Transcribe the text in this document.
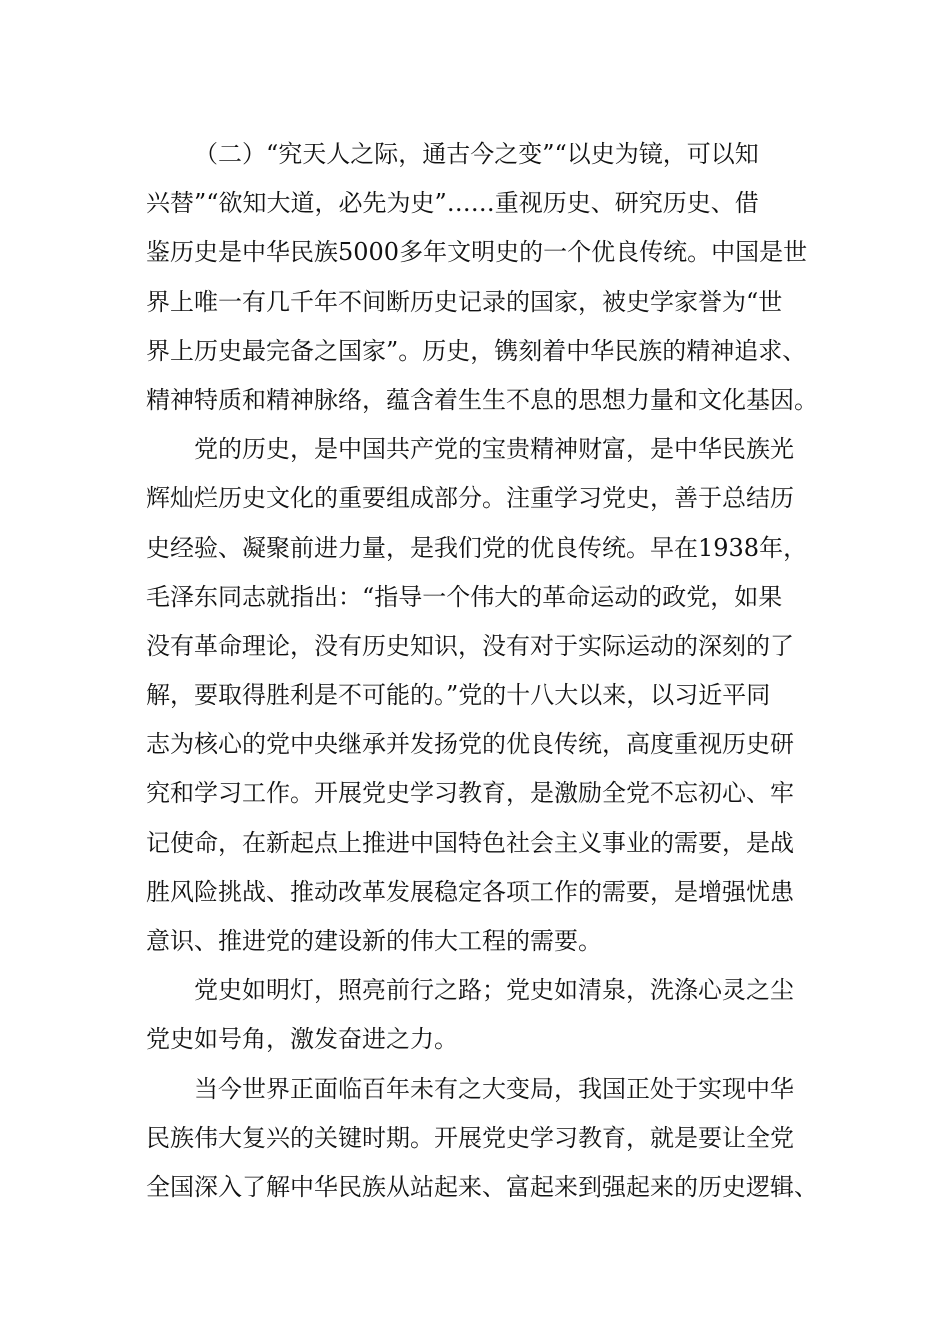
（二）“究天人之际，通古今之变”“以史为镜，可以知
兴替”“欲知大道，必先为史”……重视历史、研究历史、借
鉴历史是中华民族5000多年文明史的一个优良传统。中国是世
界上唯一有几千年不间断历史记录的国家，被史学家誉为“世
界上历史最完备之国家”。历史，镌刻着中华民族的精神追求、
精神特质和精神脉络，蕴含着生生不息的思想力量和文化基因。
党的历史，是中国共产党的宝贵精神财富，是中华民族光
辉灿烂历史文化的重要组成部分。注重学习党史，善于总结历
史经验、凝聚前进力量，是我们党的优良传统。早在1938年，
毛泽东同志就指出：“指导一个伟大的革命运动的政党，如果
没有革命理论，没有历史知识，没有对于实际运动的深刻的了
解，要取得胜利是不可能的。”党的十八大以来，以习近平同
志为核心的党中央继承并发扬党的优良传统，高度重视历史研
究和学习工作。开展党史学习教育，是激励全党不忘初心、牢
记使命，在新起点上推进中国特色社会主义事业的需要，是战
胜风险挑战、推动改革发展稳定各项工作的需要，是增强忧患
意识、推进党的建设新的伟大工程的需要。
党史如明灯，照亮前行之路；党史如清泉，洗涤心灵之尘
党史如号角，激发奋进之力。
当今世界正面临百年未有之大变局，我国正处于实现中华
民族伟大复兴的关键时期。开展党史学习教育，就是要让全党
全国深入了解中华民族从站起来、富起来到强起来的历史逻辑、
